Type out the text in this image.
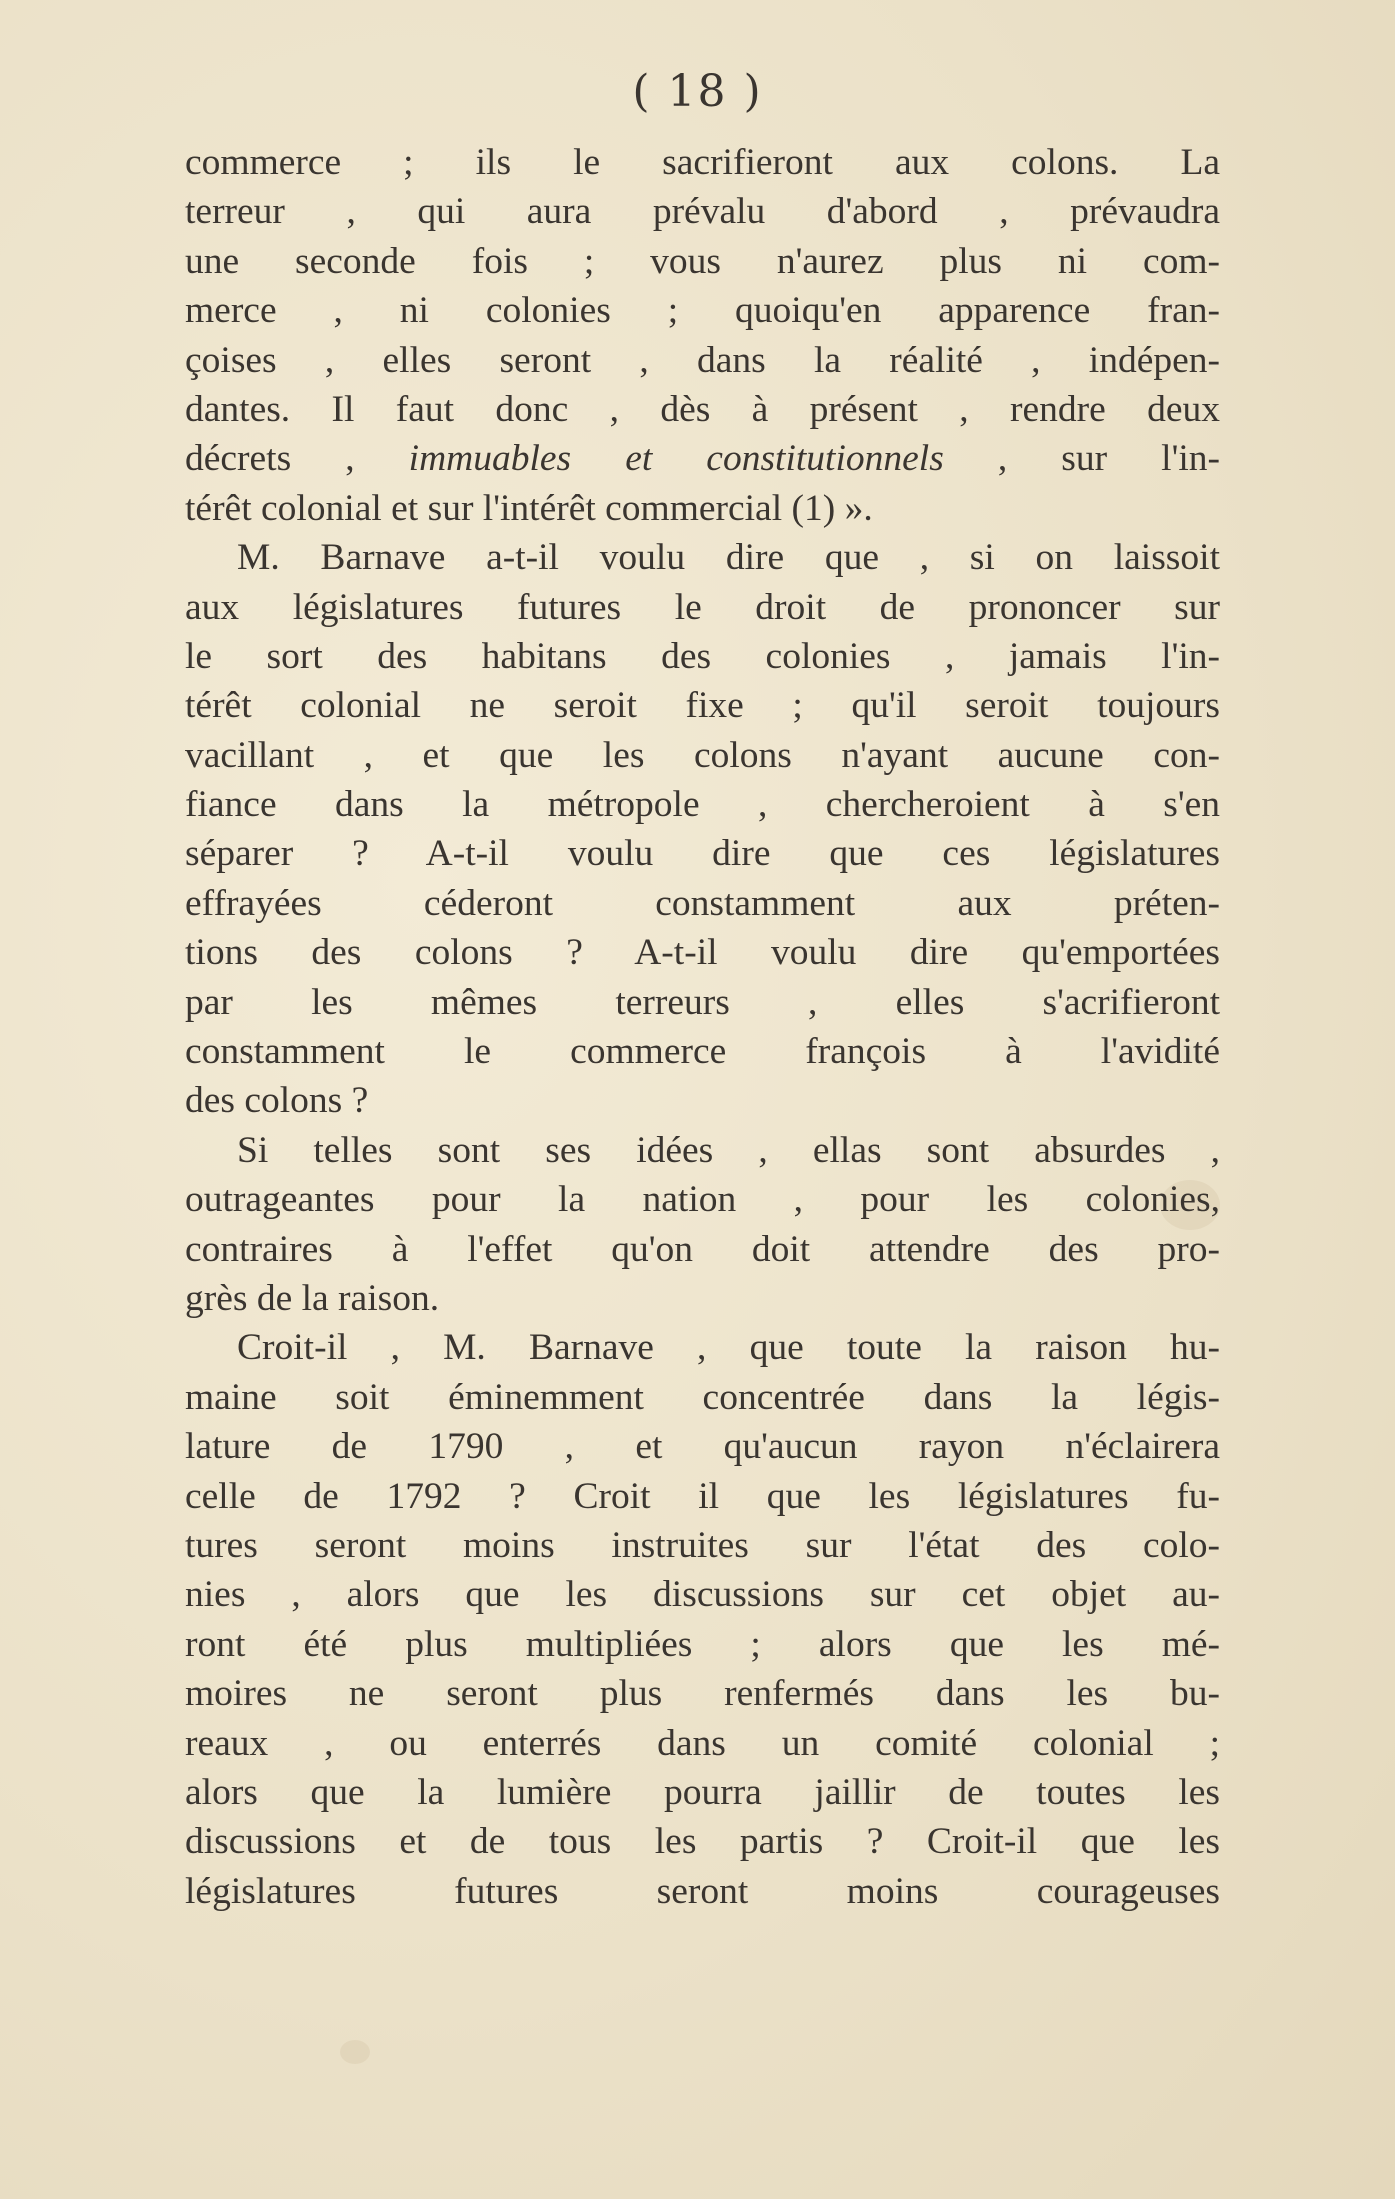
( 18 )
commerce ; ils le sacrifieront aux colons. La
terreur , qui aura prévalu d'abord , prévaudra
une seconde fois ; vous n'aurez plus ni com-
merce , ni colonies ; quoiqu'en apparence fran-
çoises , elles seront , dans la réalité , indépen-
dantes. Il faut donc , dès à présent , rendre deux
décrets , immuables et constitutionnels , sur l'in-
térêt colonial et sur l'intérêt commercial (1) ».
M. Barnave a-t-il voulu dire que , si on laissoit
aux législatures futures le droit de prononcer sur
le sort des habitans des colonies , jamais l'in-
térêt colonial ne seroit fixe ; qu'il seroit toujours
vacillant , et que les colons n'ayant aucune con-
fiance dans la métropole , chercheroient à s'en
séparer ? A-t-il voulu dire que ces législatures
effrayées céderont constamment aux préten-
tions des colons ? A-t-il voulu dire qu'emportées
par les mêmes terreurs , elles s'acrifieront
constamment le commerce françois à l'avidité
des colons ?
Si telles sont ses idées , ellas sont absurdes ,
outrageantes pour la nation , pour les colonies,
contraires à l'effet qu'on doit attendre des pro-
grès de la raison.
Croit-il , M. Barnave , que toute la raison hu-
maine soit éminemment concentrée dans la légis-
lature de 1790 , et qu'aucun rayon n'éclairera
celle de 1792 ? Croit il que les législatures fu-
tures seront moins instruites sur l'état des colo-
nies , alors que les discussions sur cet objet au-
ront été plus multipliées ; alors que les mé-
moires ne seront plus renfermés dans les bu-
reaux , ou enterrés dans un comité colonial ;
alors que la lumière pourra jaillir de toutes les
discussions et de tous les partis ? Croit-il que les
législatures futures seront moins courageuses
